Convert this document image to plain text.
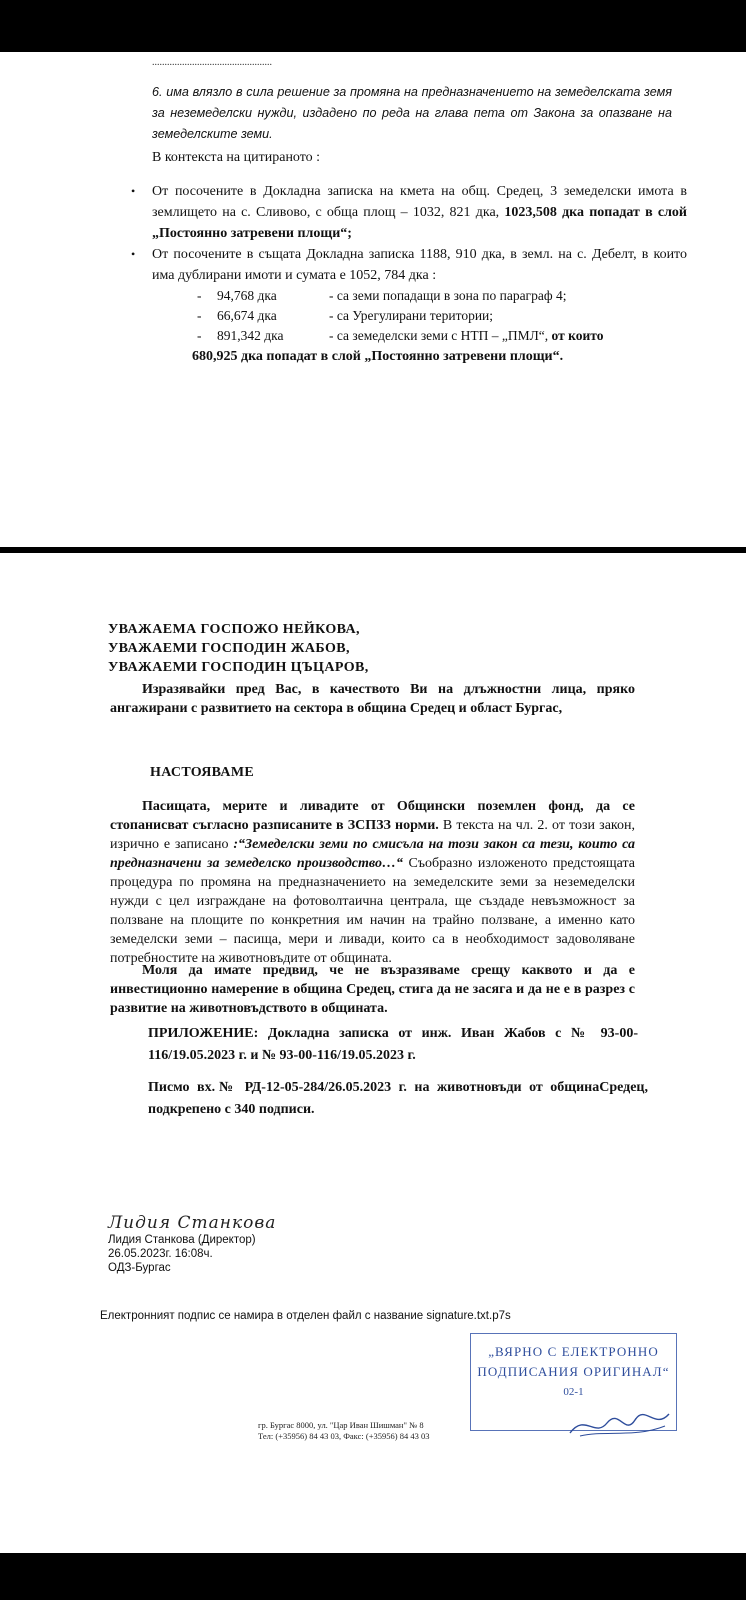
................................................
6. има влязло в сила решение за промяна на предназначението на земеделската земя за неземеделски нужди, издадено по реда на глава пета от Закона за опазване на земеделските земи.
В контекста на цитираното :
• От посочените в Докладна записка на кмета на общ. Средец, 3 земеделски имота в землището на с. Сливово, с обща площ – 1032, 821 дка, 1023,508 дка попадат в слой „Постоянно затревени площи“;
• От посочените в същата Докладна записка 1188, 910 дка, в земл. на с. Дебелт, в които има дублирани имоти и сумата е 1052, 784 дка :
- 94,768 дка	- са земи попадащи в зона по параграф 4;
- 66,674 дка	- са Урегулирани територии;
- 891,342 дка	- са земеделски земи с НТП – „ПМЛ“, от които
680,925 дка попадат в слой „Постоянно затревени площи“.
УВАЖАЕМА ГОСПОЖО НЕЙКОВА,
УВАЖАЕМИ ГОСПОДИН ЖАБОВ,
УВАЖАЕМИ ГОСПОДИН ЦЪЦАРОВ,
Изразявайки пред Вас, в качеството Ви на длъжностни лица, пряко ангажирани с развитието на сектора в община Средец и област Бургас,
НАСТОЯВАМЕ
Пасищата, мерите и ливадите от Общински поземлен фонд, да се стопанисват съгласно разписаните в ЗСПЗЗ норми. В текста на чл. 2. от този закон, изрично е записано :“Земеделски земи по смисъла на този закон са тези, които са предназначени за земеделско производство…“ Съобразно изложеното предстоящата процедура по промяна на предназначението на земеделските земи за неземеделски нужди с цел изграждане на фотоволтаична централа, ще създаде невъзможност за ползване на площите по конкретния им начин на трайно ползване, а именно като земеделски земи – пасища, мери и ливади, които са в необходимост задоволяване потребностите на животновъдите от общината.
Моля да имате предвид, че не възразяваме срещу каквото и да е инвестиционно намерение в община Средец, стига да не засяга и да не е в разрез с развитие на животновъдството в общината.
ПРИЛОЖЕНИЕ: Докладна записка от инж. Иван Жабов с № 93-00-116/19.05.2023 г. и № 93-00-116/19.05.2023 г.
Писмо вх.№ РД-12-05-284/26.05.2023 г. на животновъди от общинаСредец, подкрепено с 340 подписи.
Лидия Станкова
Лидия Станкова (Директор)
26.05.2023г. 16:08ч.
ОДЗ-Бургас
Електронният подпис се намира в отделен файл с название signature.txt.p7s
„ВЯРНО С ЕЛЕКТРОННО
ПОДПИСАНИЯ ОРИГИНАЛ“
02-1
гр. Бургас 8000, ул. "Цар Иван Шишман" № 8
Тел: (+35956) 84 43 03, Факс: (+35956) 84 43 03
